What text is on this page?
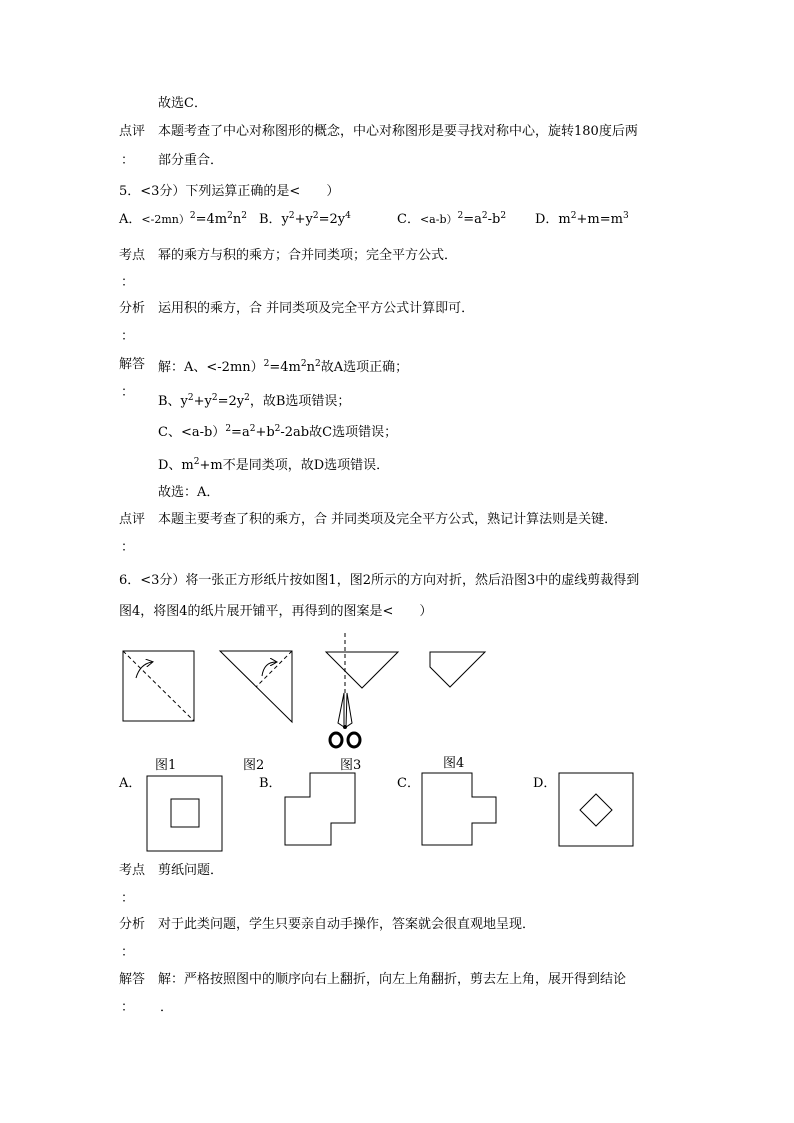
故选C．
点评 本题考查了中心对称图形的概念，中心对称图形是要寻找对称中心，旋转180度后两
： 部分重合．
5．<3分）下列运算正确的是<　　）
A．$<-2mn)^2=4m^2n^2$ B．$y^2+y^2=2y^4$	C．$<a-b)^2=a^2-b^2$ D．$m^2+m=m^3$
考点 幂的乘方与积的乘方；合并同类项；完全平方公式．
：
分析 运用积的乘方，合 并同类项及完全平方公式计算即可．
：
解答 解：A、$<-2mn)^2=4m^2n^2$故A选项正确；
：
B、$y^2+y^2=2y^2$，故B选项错误；
C、$<a-b)^2=a^2+b^2-2ab$故C选项错误；
D、$m^2+m$不是同类项，故D选项错误．
故选：A．
点评 本题主要考查了积的乘方，合 并同类项及完全平方公式，熟记计算法则是关键．
：
6．<3分）将一张正方形纸片按如图1，图2所示的方向对折，然后沿图3中的虚线剪裁得到
图4，将图4的纸片展开铺平，再得到的图案是<　　）
图1	图2	图3	图4
A．	B．	C．	D．
考点 剪纸问题．
：
分析 对于此类问题，学生只要亲自动手操作，答案就会很直观地呈现．
：
解答 解：严格按照图中的顺序向右上翻折，向左上角翻折，剪去左上角，展开得到结论
： ．
